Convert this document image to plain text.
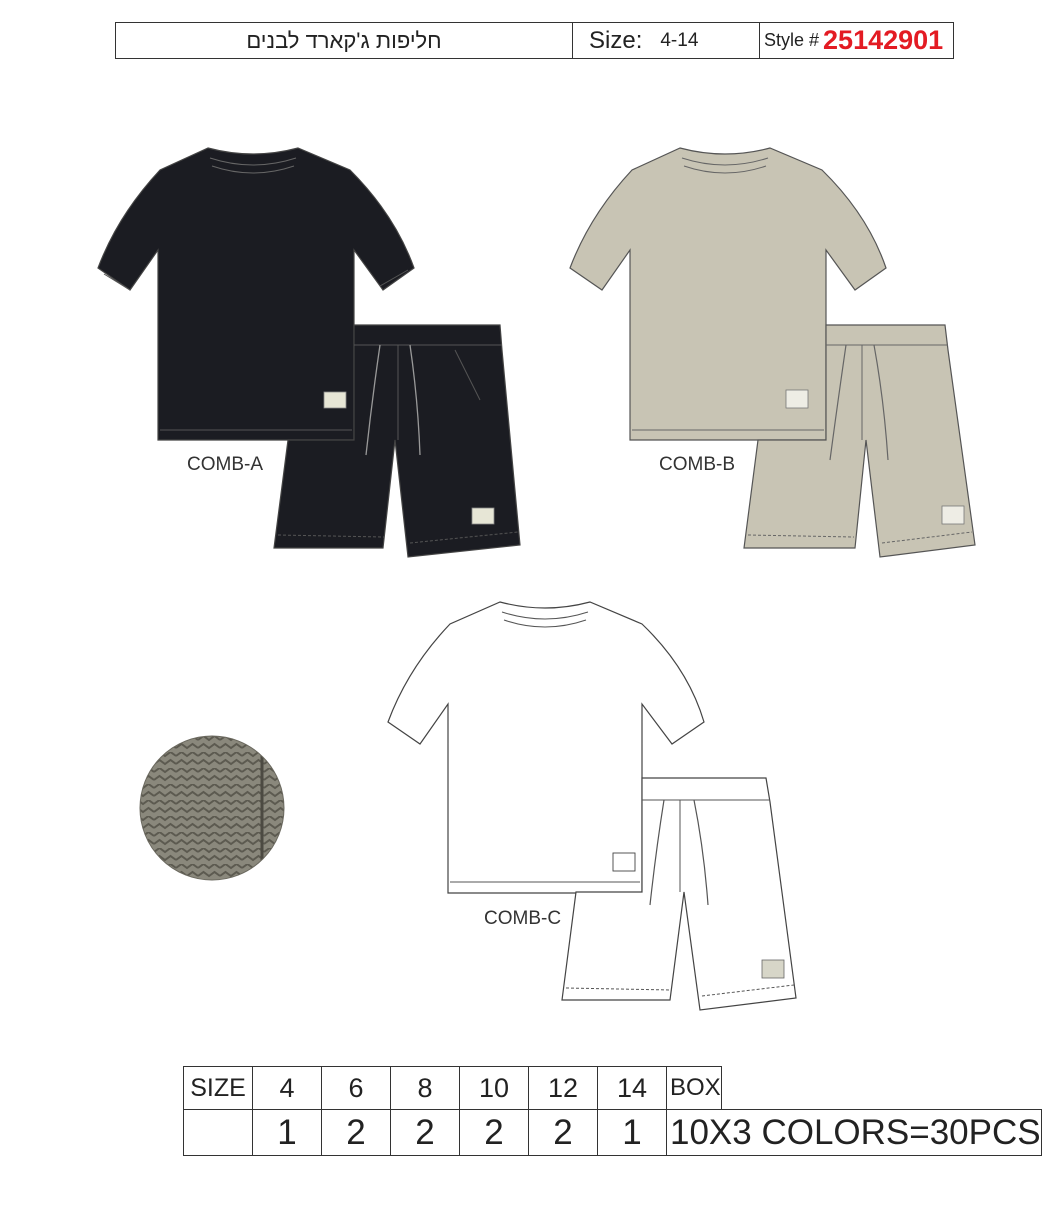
חליפות ג'קארד לבנים	Size: 4-14	Style # 25142901
COMB-A	COMB-B
COMB-C
SIZE	4	6	8	10	12	14	BOX	
	1	2	2	2	2	1	10X3 COLORS=30PCS	
